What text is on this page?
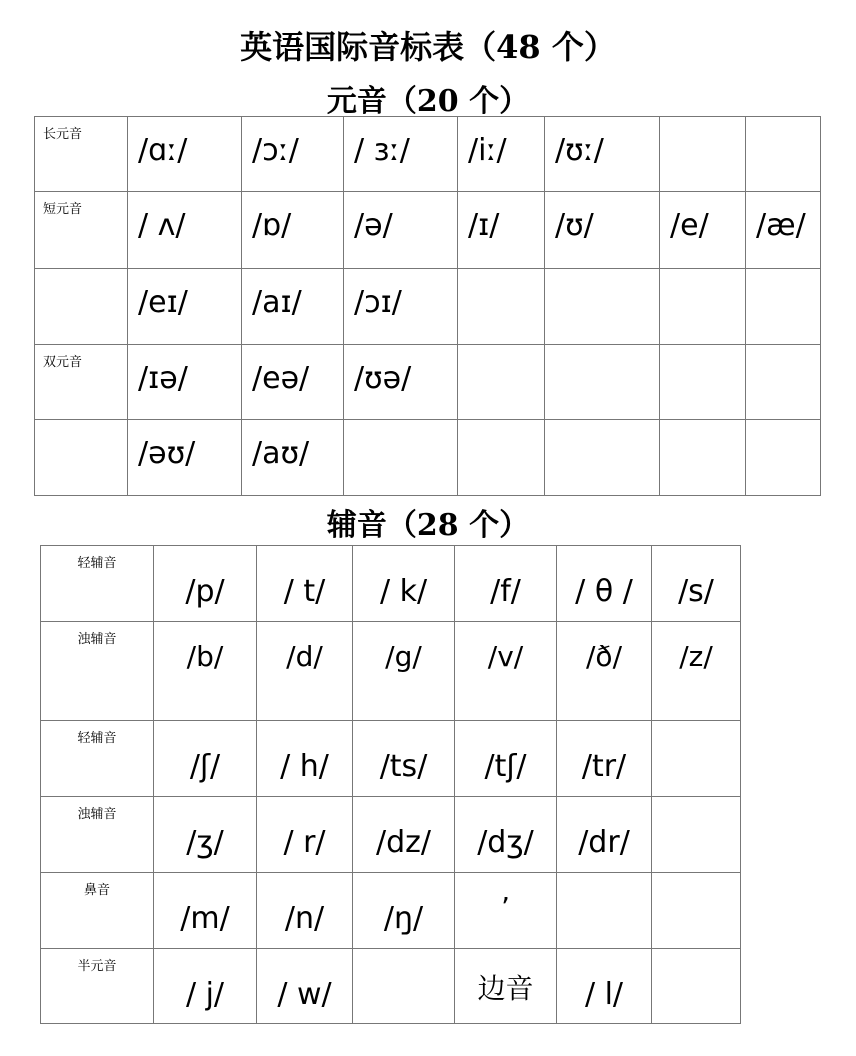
英语国际音标表（48 个）
元音（20 个）
长元音	/ɑː/	/ɔː/	/ ɜː/	/iː/	/ʊː/		
短元音	/ ʌ/	/ɒ/	/ə/	/ɪ/	/ʊ/	/e/	/æ/
	/eɪ/	/aɪ/	/ɔɪ/				
双元音	/ɪə/	/eə/	/ʊə/				
	/əʊ/	/aʊ/					
辅音（28 个）
轻辅音	/p/	/ t/	/ k/	/f/	/ θ /	/s/
浊辅音	/b/	/d/	/g/	/v/	/ð/	/z/
轻辅音	/ʃ/	/ h/	/ts/	/tʃ/	/tr/	
浊辅音	/ʒ/	/ r/	/dz/	/dʒ/	/dr/	
鼻音	/m/	/n/	/ŋ/	’		
半元音	/ j/	/ w/		边音	/ l/	
